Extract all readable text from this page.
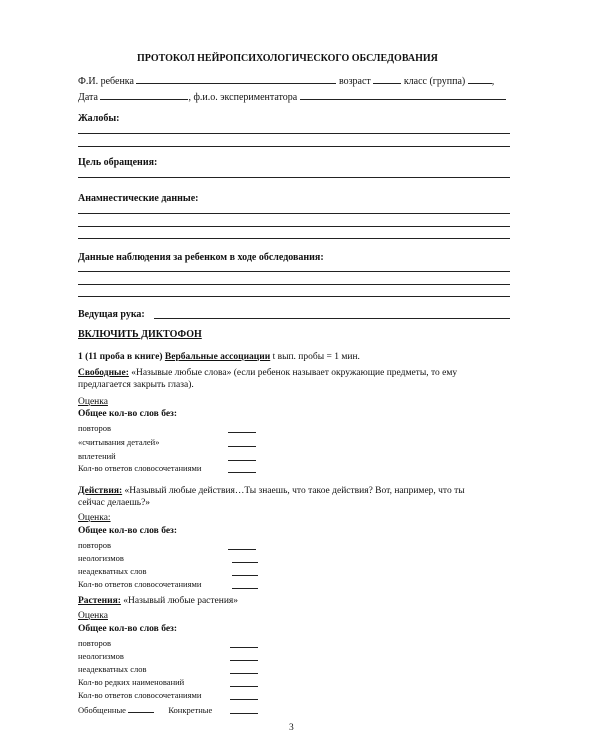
ПРОТОКОЛ НЕЙРОПСИХОЛОГИЧЕСКОГО ОБСЛЕДОВАНИЯ
Ф.И. ребенка	возраст	класс (группа)	,
Дата	, ф.и.о. экспериментатора
Жалобы:
Цель обращения:
Анамнестические данные:
Данные наблюдения за ребенком в ходе обследования:
Ведущая рука:
ВКЛЮЧИТЬ ДИКТОФОН
1 (11 проба в книге) Вербальные ассоциации t вып. пробы = 1 мин.
Свободные: «Назывые любые слова» (если ребенок называет окружающие предметы, то ему
предлагается закрыть глаза).
Оценка
Общее кол-во слов без:
повторов
«считывания деталей»
вплетений
Кол-во ответов словосочетаниями
Действия: «Назывый любые действия…Ты знаешь, что такое действия? Вот, например, что ты
сейчас делаешь?»
Оценка:
Общее кол-во слов без:
повторов
неологизмов
неадекватных слов
Кол-во ответов словосочетаниями
Растения: «Назывый любые растения»
Оценка
Общее кол-во слов без:
повторов
неологизмов
неадекватных слов
Кол-во редких наименований
Кол-во ответов словосочетаниями
Обобщенные	Конкретные
3
